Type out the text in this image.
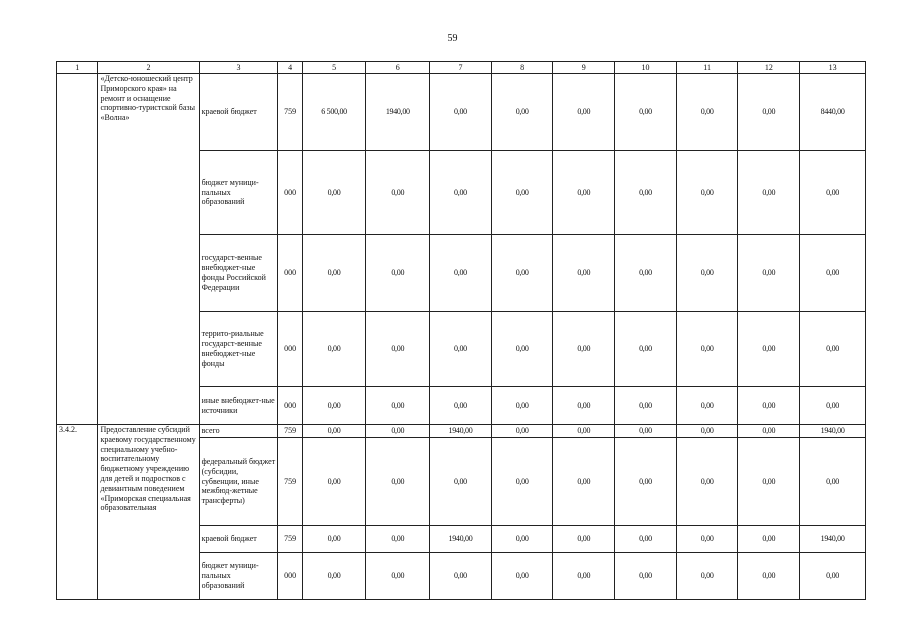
59
1	2	3	4	5	6	7	8	9	10	11	12	13
	«Детско-юношеский центр Приморского края» на ремонт и оснащение спортивно-туристской базы «Волна»	краевой бюджет	759	6 500,00	1940,00	0,00	0,00	0,00	0,00	0,00	0,00	8440,00
		бюджет муници-пальных образований	000	0,00	0,00	0,00	0,00	0,00	0,00	0,00	0,00	0,00
		государст-венные внебюджет-ные фонды Российской Федерации	000	0,00	0,00	0,00	0,00	0,00	0,00	0,00	0,00	0,00
		террито-риальные государст-венные внебюджет-ные фонды	000	0,00	0,00	0,00	0,00	0,00	0,00	0,00	0,00	0,00
		иные внебюджет-ные источники	000	0,00	0,00	0,00	0,00	0,00	0,00	0,00	0,00	0,00
3.4.2.	Предоставление субсидий краевому государственному специальному учебно-воспитательному бюджетному учреждению для детей и подростков с девиантным поведением «Приморская специальная образовательная	всего	759	0,00	0,00	1940,00	0,00	0,00	0,00	0,00	0,00	1940,00
		федеральный бюджет (субсидии, субвенции, иные межбюд-жетные трансферты)	759	0,00	0,00	0,00	0,00	0,00	0,00	0,00	0,00	0,00
		краевой бюджет	759	0,00	0,00	1940,00	0,00	0,00	0,00	0,00	0,00	1940,00
		бюджет муници-пальных образований	000	0,00	0,00	0,00	0,00	0,00	0,00	0,00	0,00	0,00
